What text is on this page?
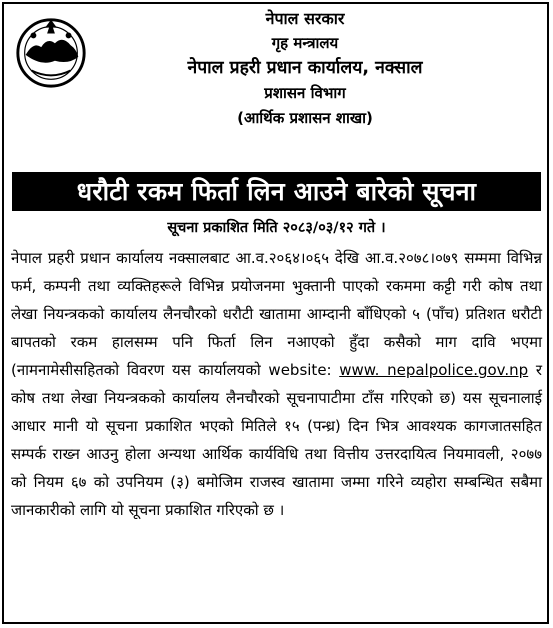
नेपाल सरकार

गृह मन्त्रालय

नेपाल प्रहरी प्रधान कार्यालय, नक्साल

प्रशासन विभाग

(आर्थिक प्रशासन शाखा)

धरौटी रकम फिर्ता लिन आउने बारेको सूचना
सूचना प्रकाशित मिति २०८३/०३/१२ गते ।

नेपाल प्रहरी प्रधान कार्यालय नक्सालबाट आ.व.२०६४।०६५ देखि आ.व.२०७८।०७९ सम्ममा विभिन्न फर्म, कम्पनी तथा व्यक्तिहरूले विभिन्न प्रयोजनमा भुक्तानी पाएको रकममा कट्टी गरी कोष तथा लेखा नियन्त्रकको कार्यालय लैनचौरको धरौटी खातामा आम्दानी बाँधिएको ५ (पाँच) प्रतिशत धरौटी बापतको रकम हालसम्म पनि फिर्ता लिन नआएको हुँदा कसैको माग दावि भएमा (नामनामेसीसहितको विवरण यस कार्यालयको website: www. nepalpolice.gov.np र कोष तथा लेखा नियन्त्रकको कार्यालय लैनचौरको सूचनापाटीमा टाँस गरिएको छ) यस सूचनालाई आधार मानी यो सूचना प्रकाशित भएको मितिले १५ (पन्ध्र) दिन भित्र आवश्यक कागजातसहित सम्पर्क राख्न आउनु होला अन्यथा आर्थिक कार्यविधि तथा वित्तीय उत्तरदायित्व नियमावली, २०७७ को नियम ६७ को उपनियम (३) बमोजिम राजस्व खातामा जम्मा गरिने व्यहोरा सम्बन्धित सबैमा जानकारीको लागि यो सूचना प्रकाशित गरिएको छ ।
